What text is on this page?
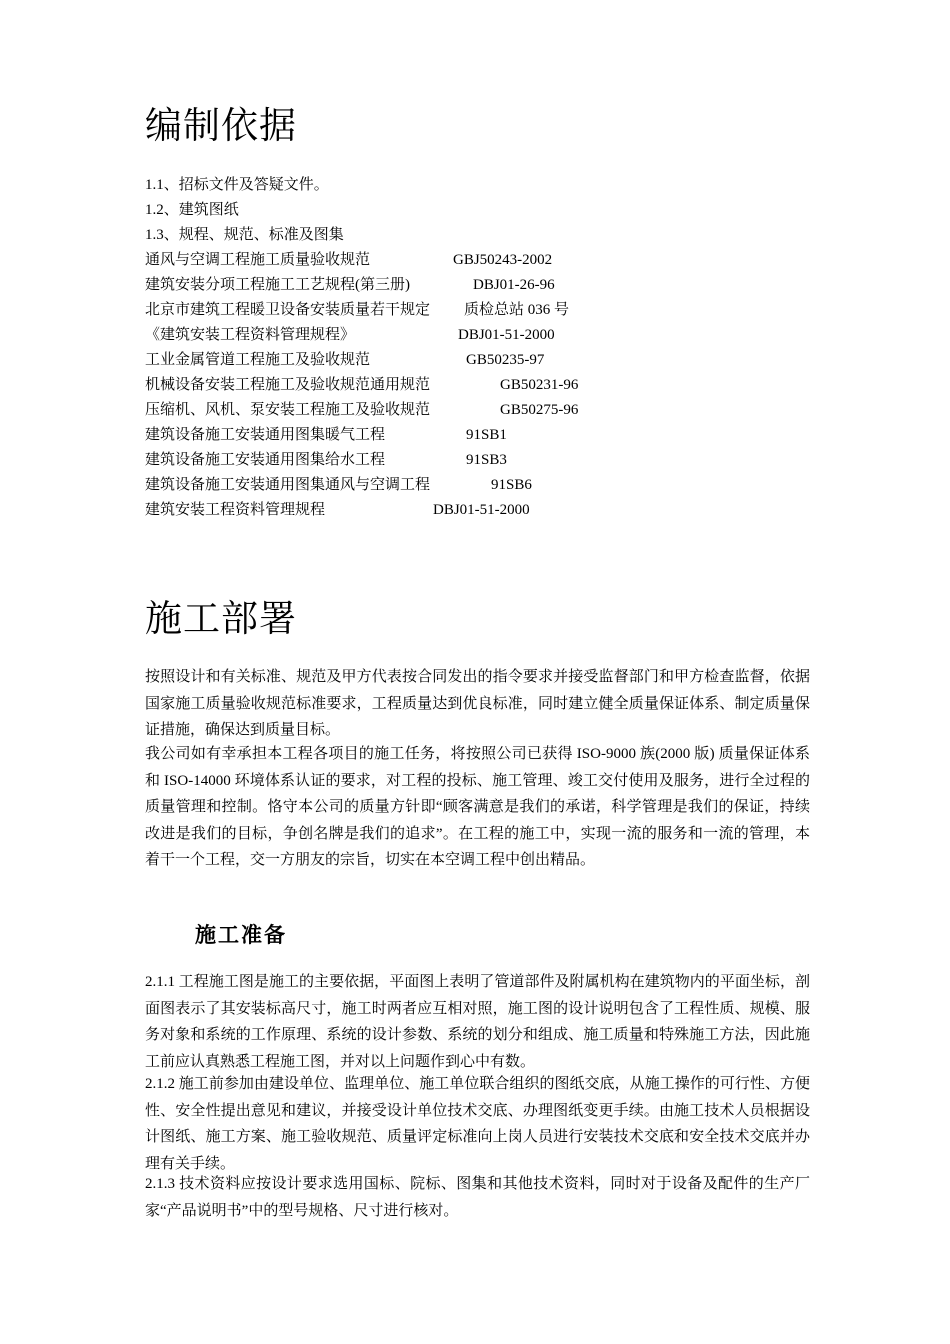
编制依据
1.1、招标文件及答疑文件。
1.2、建筑图纸
1.3、规程、规范、标准及图集
通风与空调工程施工质量验收规范	GBJ50243-2002
建筑安装分项工程施工工艺规程(第三册)	DBJ01-26-96
北京市建筑工程暖卫设备安装质量若干规定 质检总站 036 号
《建筑安装工程资料管理规程》	DBJ01-51-2000
工业金属管道工程施工及验收规范	GB50235-97
机械设备安装工程施工及验收规范通用规范	GB50231-96
压缩机、风机、泵安装工程施工及验收规范	GB50275-96
建筑设备施工安装通用图集暖气工程	91SB1
建筑设备施工安装通用图集给水工程	91SB3
建筑设备施工安装通用图集通风与空调工程	91SB6
建筑安装工程资料管理规程	DBJ01-51-2000
施工部署

按照设计和有关标准、规范及甲方代表按合同发出的指令要求并接受监督部门和甲方检查监督，依据国家施工质量验收规范标准要求，工程质量达到优良标准，同时建立健全质量保证体系、制定质量保证措施，确保达到质量目标。

我公司如有幸承担本工程各项目的施工任务，将按照公司已获得 ISO-9000 族(2000 版) 质量保证体系和 ISO-14000 环境体系认证的要求，对工程的投标、施工管理、竣工交付使用及服务，进行全过程的质量管理和控制。恪守本公司的质量方针即“顾客满意是我们的承诺，科学管理是我们的保证，持续改进是我们的目标，争创名牌是我们的追求”。在工程的施工中，实现一流的服务和一流的管理，本着干一个工程，交一方朋友的宗旨，切实在本空调工程中创出精品。

施工准备

2.1.1 工程施工图是施工的主要依据，平面图上表明了管道部件及附属机构在建筑物内的平面坐标，剖面图表示了其安装标高尺寸，施工时两者应互相对照，施工图的设计说明包含了工程性质、规模、服务对象和系统的工作原理、系统的设计参数、系统的划分和组成、施工质量和特殊施工方法，因此施工前应认真熟悉工程施工图，并对以上问题作到心中有数。

2.1.2 施工前参加由建设单位、监理单位、施工单位联合组织的图纸交底，从施工操作的可行性、方便性、安全性提出意见和建议，并接受设计单位技术交底、办理图纸变更手续。由施工技术人员根据设计图纸、施工方案、施工验收规范、质量评定标准向上岗人员进行安装技术交底和安全技术交底并办理有关手续。

2.1.3 技术资料应按设计要求选用国标、院标、图集和其他技术资料，同时对于设备及配件的生产厂家“产品说明书”中的型号规格、尺寸进行核对。
